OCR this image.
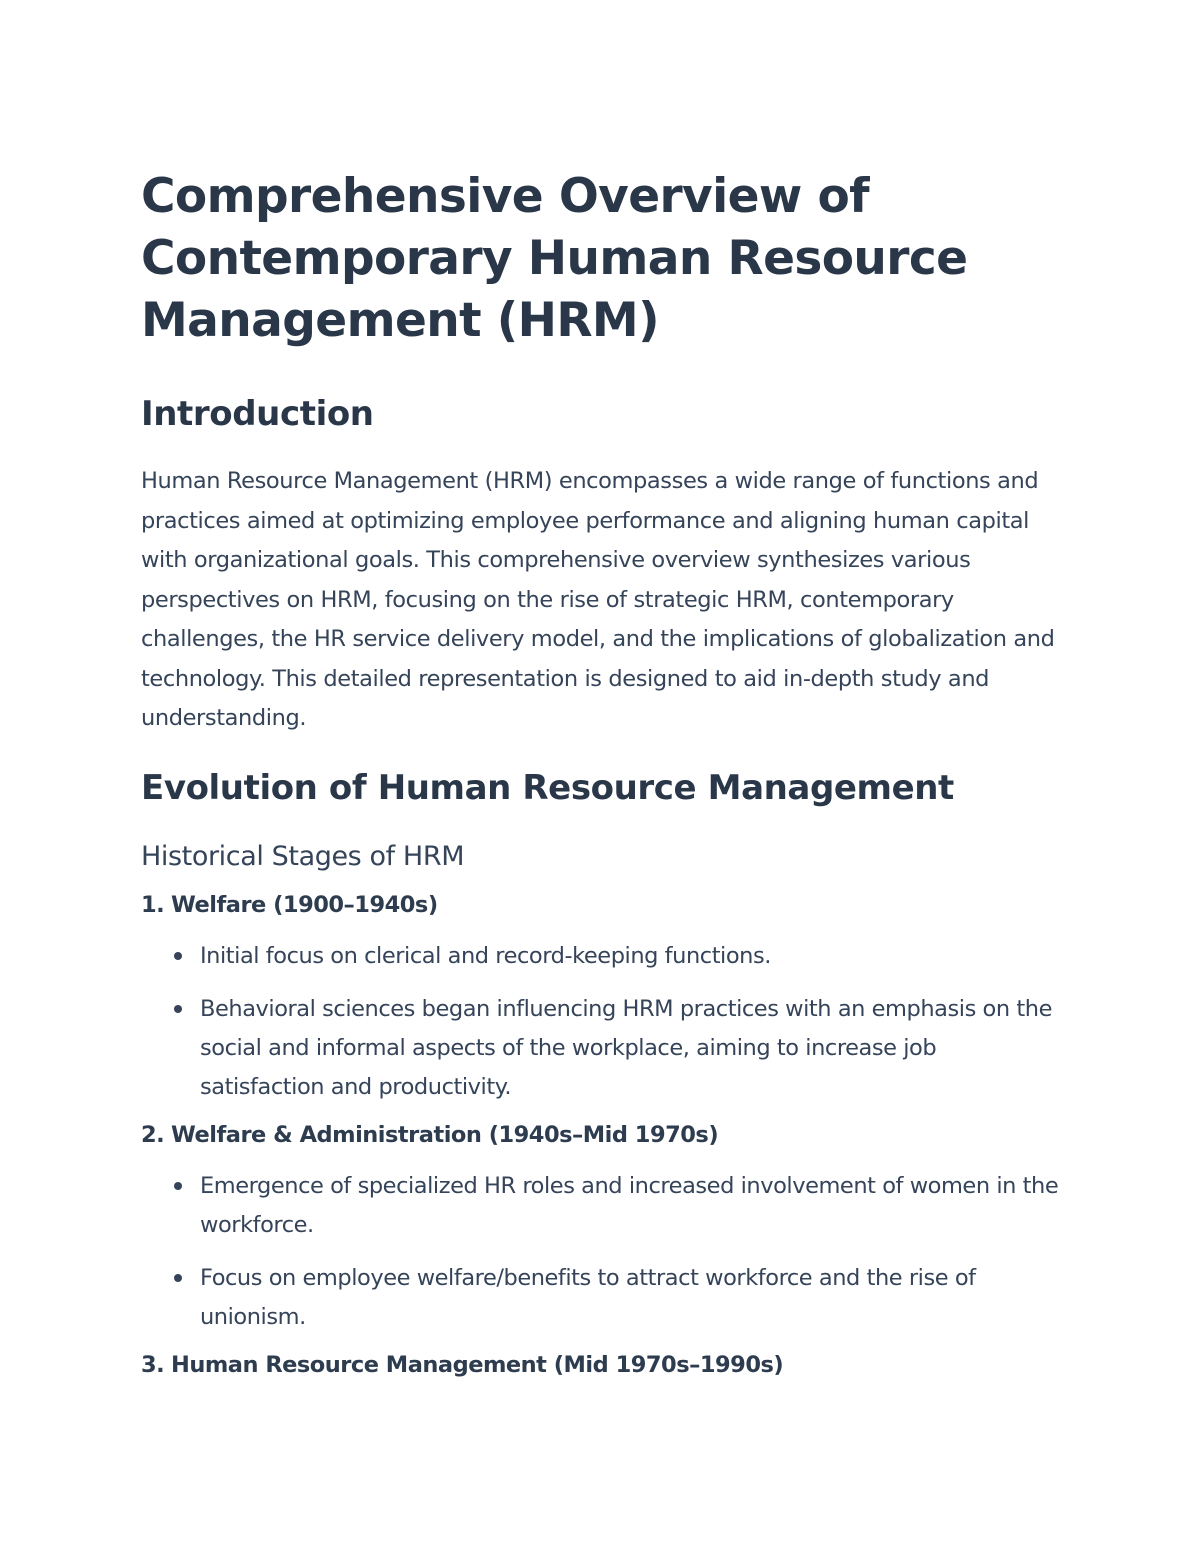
Comprehensive Overview of Contemporary Human Resource Management (HRM)
Introduction

Human Resource Management (HRM) encompasses a wide range of functions and practices aimed at optimizing employee performance and aligning human capital with organizational goals. This comprehensive overview synthesizes various perspectives on HRM, focusing on the rise of strategic HRM, contemporary challenges, the HR service delivery model, and the implications of globalization and technology. This detailed representation is designed to aid in-depth study and understanding.

Evolution of Human Resource Management
Historical Stages of HRM
1. Welfare (1900–1940s)
Initial focus on clerical and record-keeping functions.
Behavioral sciences began influencing HRM practices with an emphasis on the social and informal aspects of the workplace, aiming to increase job satisfaction and productivity.
2. Welfare & Administration (1940s–Mid 1970s)
Emergence of specialized HR roles and increased involvement of women in the workforce.
Focus on employee welfare/benefits to attract workforce and the rise of unionism.
3. Human Resource Management (Mid 1970s–1990s)
